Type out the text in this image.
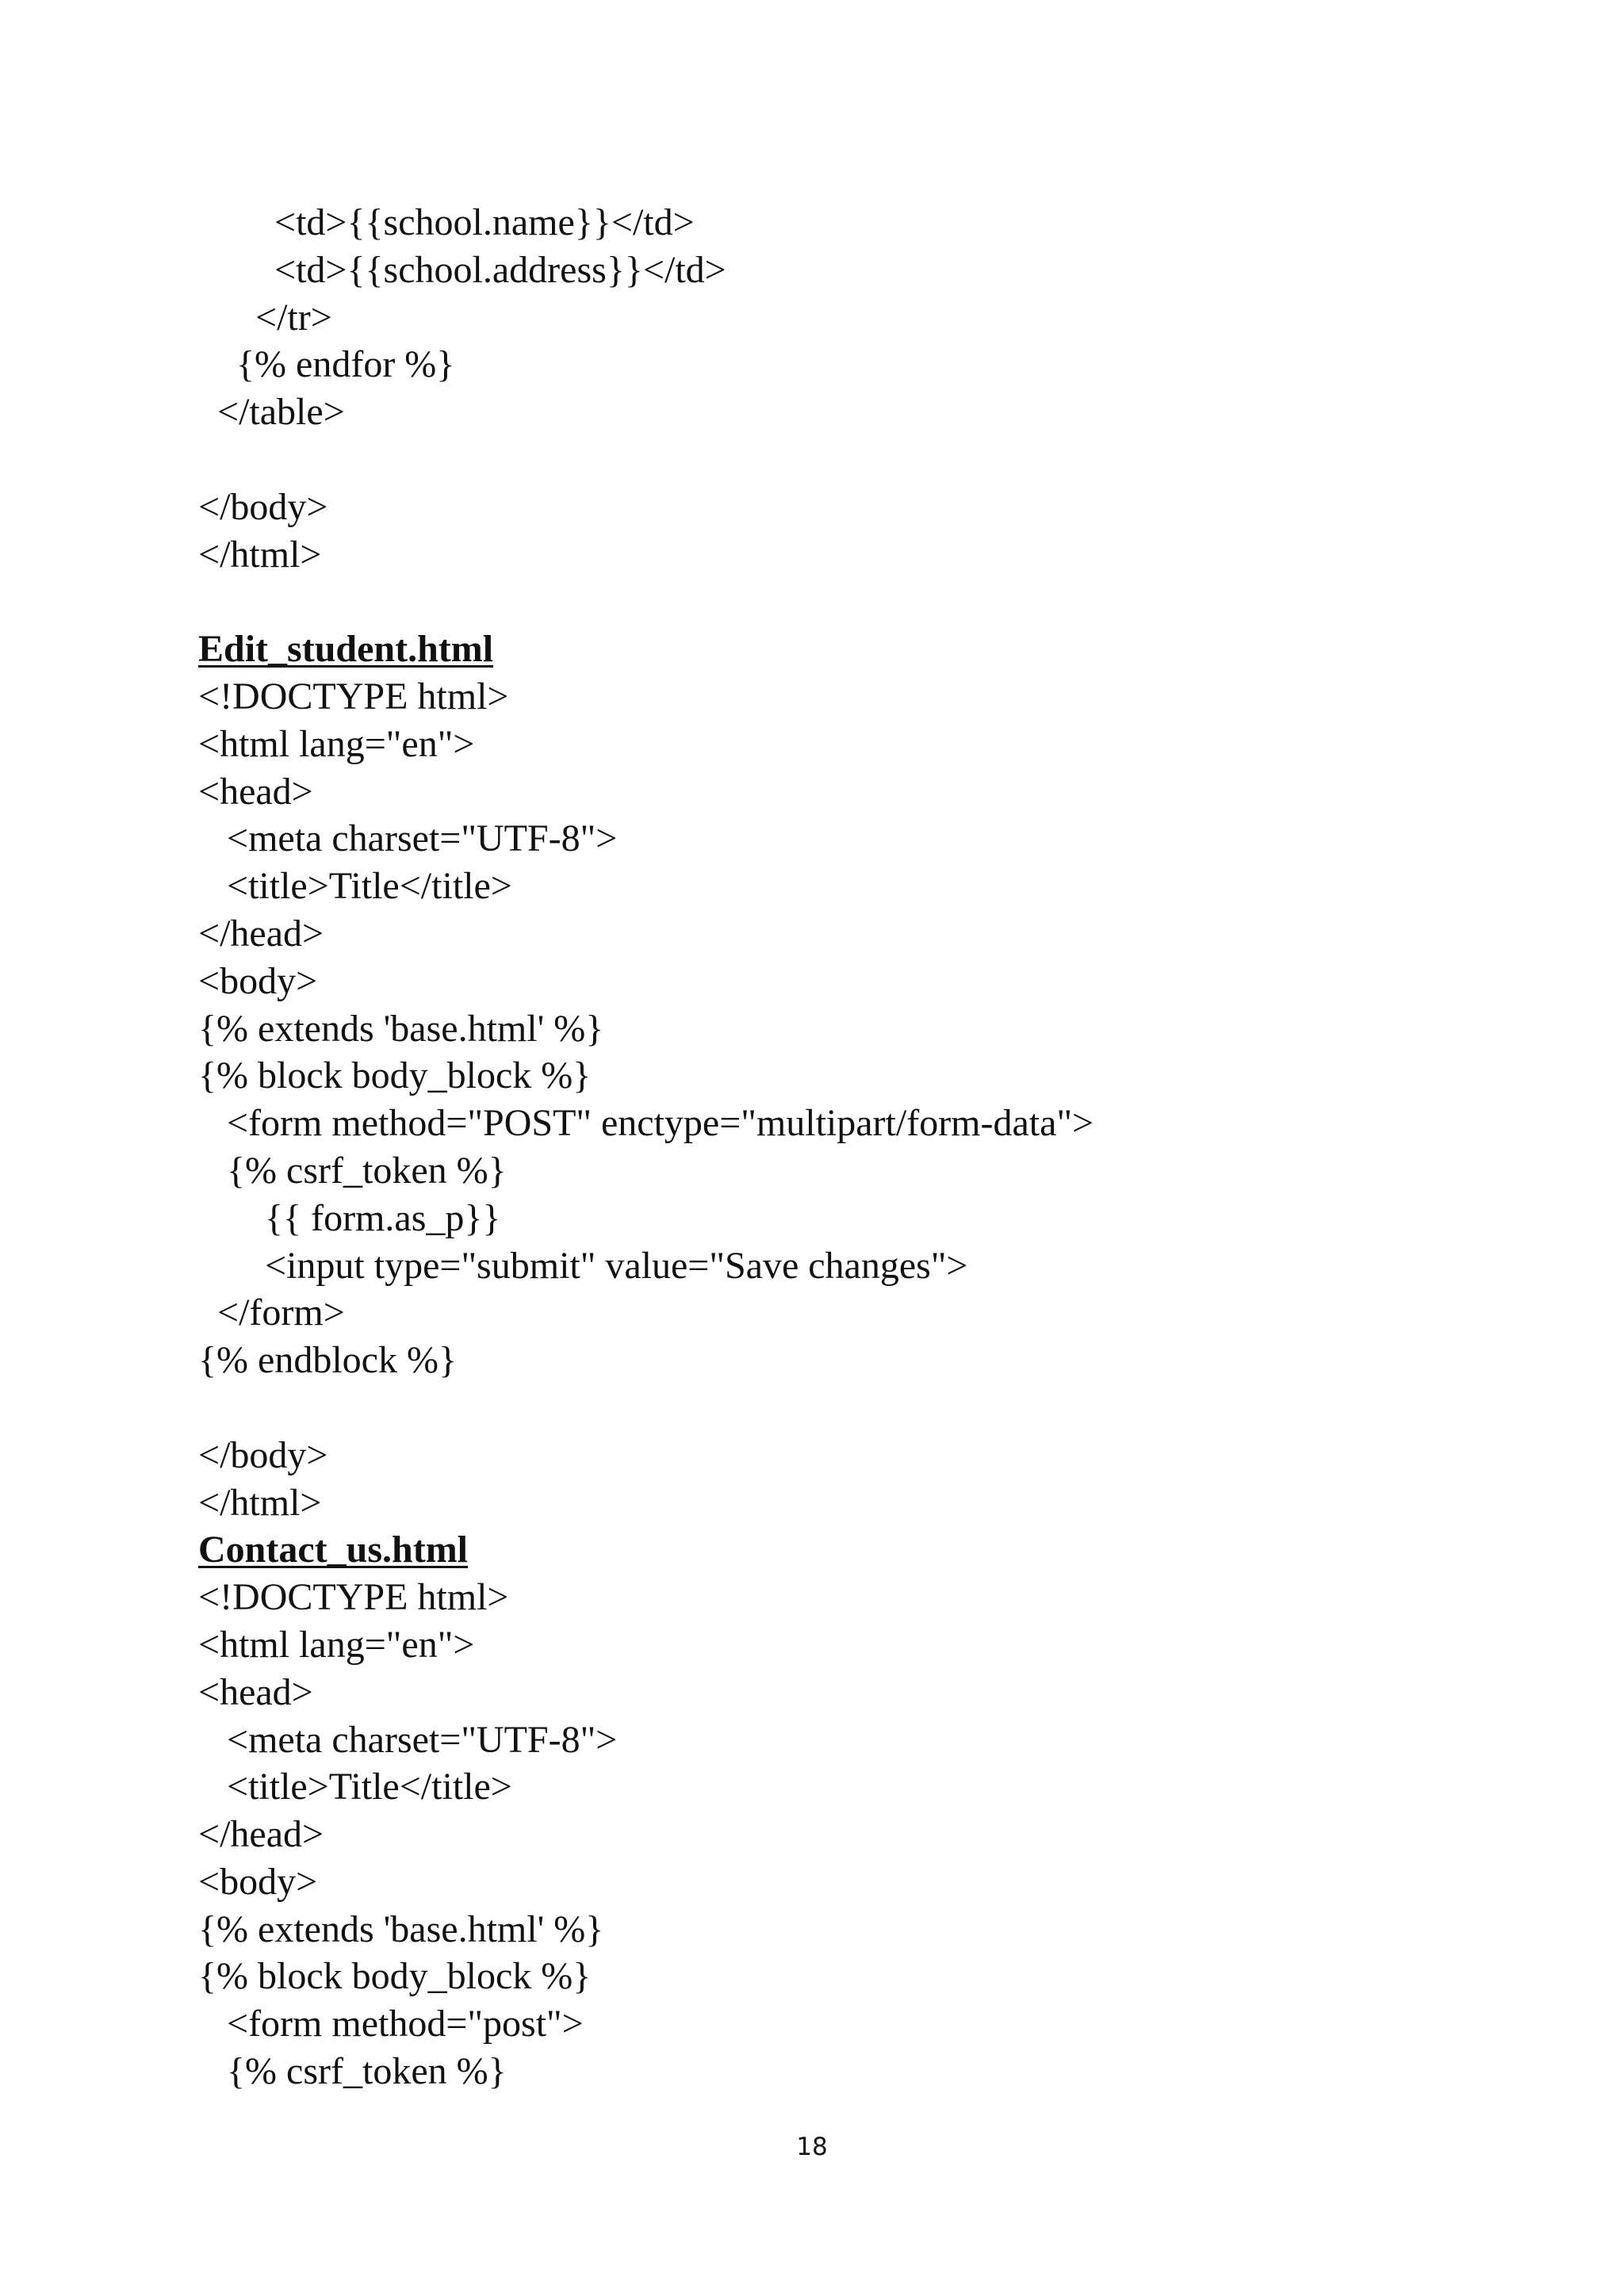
<td>{{school.name}}</td>
<td>{{school.address}}</td>
</tr>
{% endfor %}
</table>
</body>
</html>
Edit_student.html
<!DOCTYPE html>
<html lang="en">
<head>
<meta charset="UTF-8">
<title>Title</title>
</head>
<body>
{% extends 'base.html' %}
{% block body_block %}
<form method="POST" enctype="multipart/form-data">
{% csrf_token %}
{{ form.as_p}}
<input type="submit" value="Save changes">
</form>
{% endblock %}
</body>
</html>
Contact_us.html
<!DOCTYPE html>
<html lang="en">
<head>
<meta charset="UTF-8">
<title>Title</title>
</head>
<body>
{% extends 'base.html' %}
{% block body_block %}
<form method="post">
{% csrf_token %}
18
